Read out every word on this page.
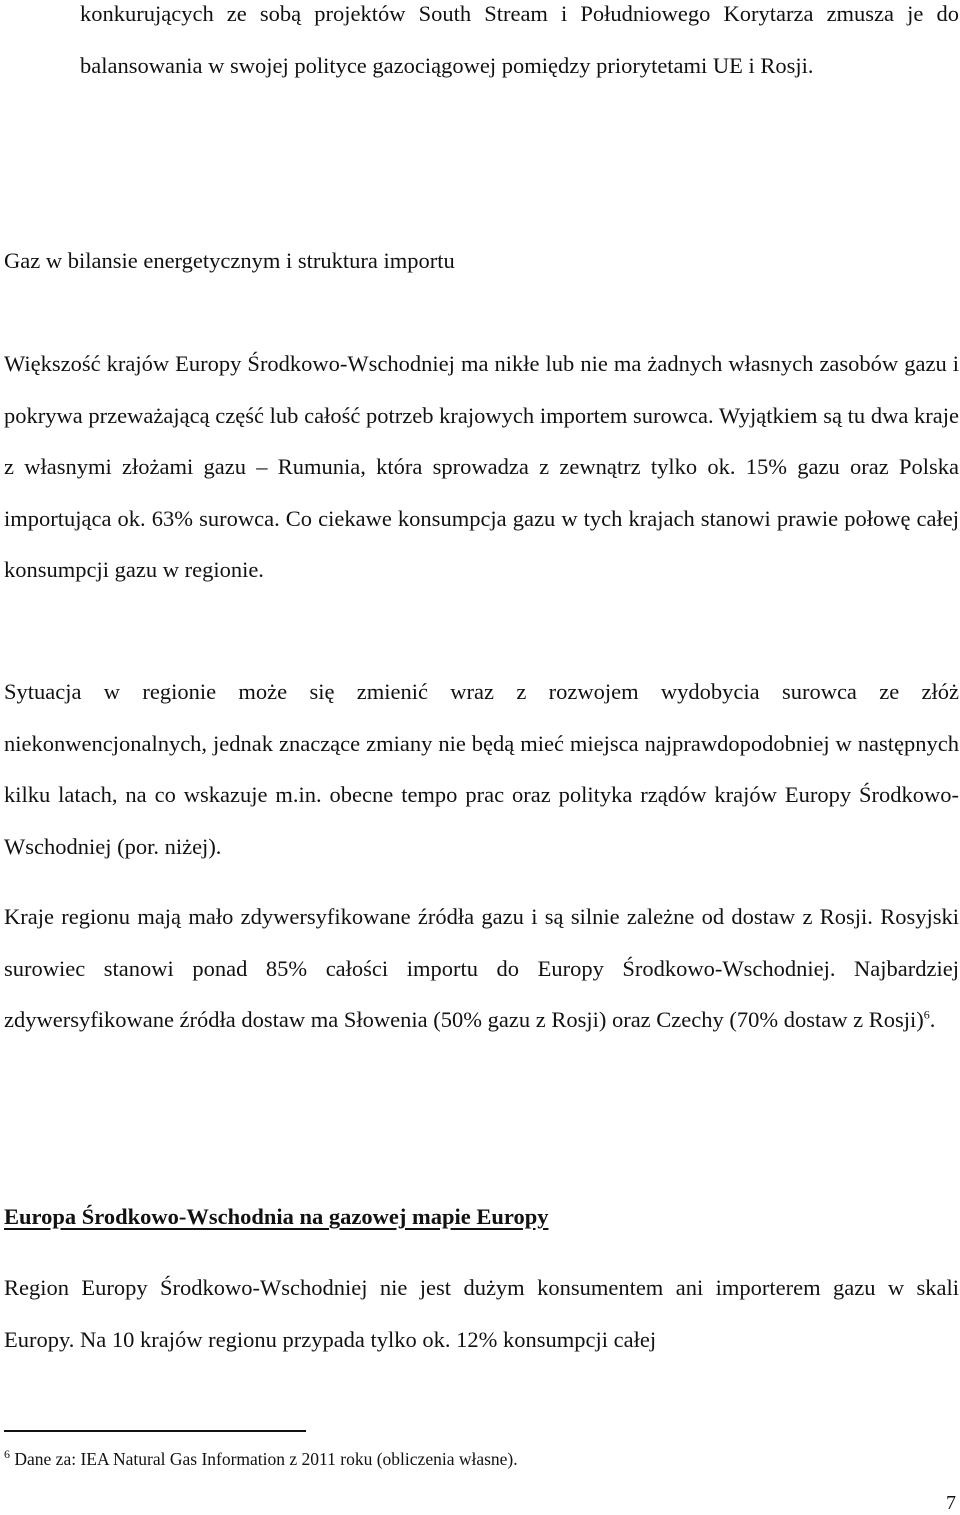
konkurujących ze sobą projektów South Stream i Południowego Korytarza zmusza je do balansowania w swojej polityce gazociągowej pomiędzy priorytetami UE i Rosji.
Gaz w bilansie energetycznym i struktura importu
Większość krajów Europy Środkowo-Wschodniej ma nikłe lub nie ma żadnych własnych zasobów gazu i pokrywa przeważającą część lub całość potrzeb krajowych importem surowca. Wyjątkiem są tu dwa kraje z własnymi złożami gazu – Rumunia, która sprowadza z zewnątrz tylko ok. 15% gazu oraz Polska importująca ok. 63% surowca. Co ciekawe konsumpcja gazu w tych krajach stanowi prawie połowę całej konsumpcji gazu w regionie.
Sytuacja w regionie może się zmienić wraz z rozwojem wydobycia surowca ze złóż niekonwencjonalnych, jednak znaczące zmiany nie będą mieć miejsca najprawdopodobniej w następnych kilku latach, na co wskazuje m.in. obecne tempo prac oraz polityka rządów krajów Europy Środkowo-Wschodniej (por. niżej).
Kraje regionu mają mało zdywersyfikowane źródła gazu i są silnie zależne od dostaw z Rosji. Rosyjski surowiec stanowi ponad 85% całości importu do Europy Środkowo-Wschodniej. Najbardziej zdywersyfikowane źródła dostaw ma Słowenia (50% gazu z Rosji) oraz Czechy (70% dostaw z Rosji)$^6$.
Europa Środkowo-Wschodnia na gazowej mapie Europy
Region Europy Środkowo-Wschodniej nie jest dużym konsumentem ani importerem gazu w skali Europy. Na 10 krajów regionu przypada tylko ok. 12% konsumpcji całej
$^6$ Dane za: IEA Natural Gas Information z 2011 roku (obliczenia własne).
7
